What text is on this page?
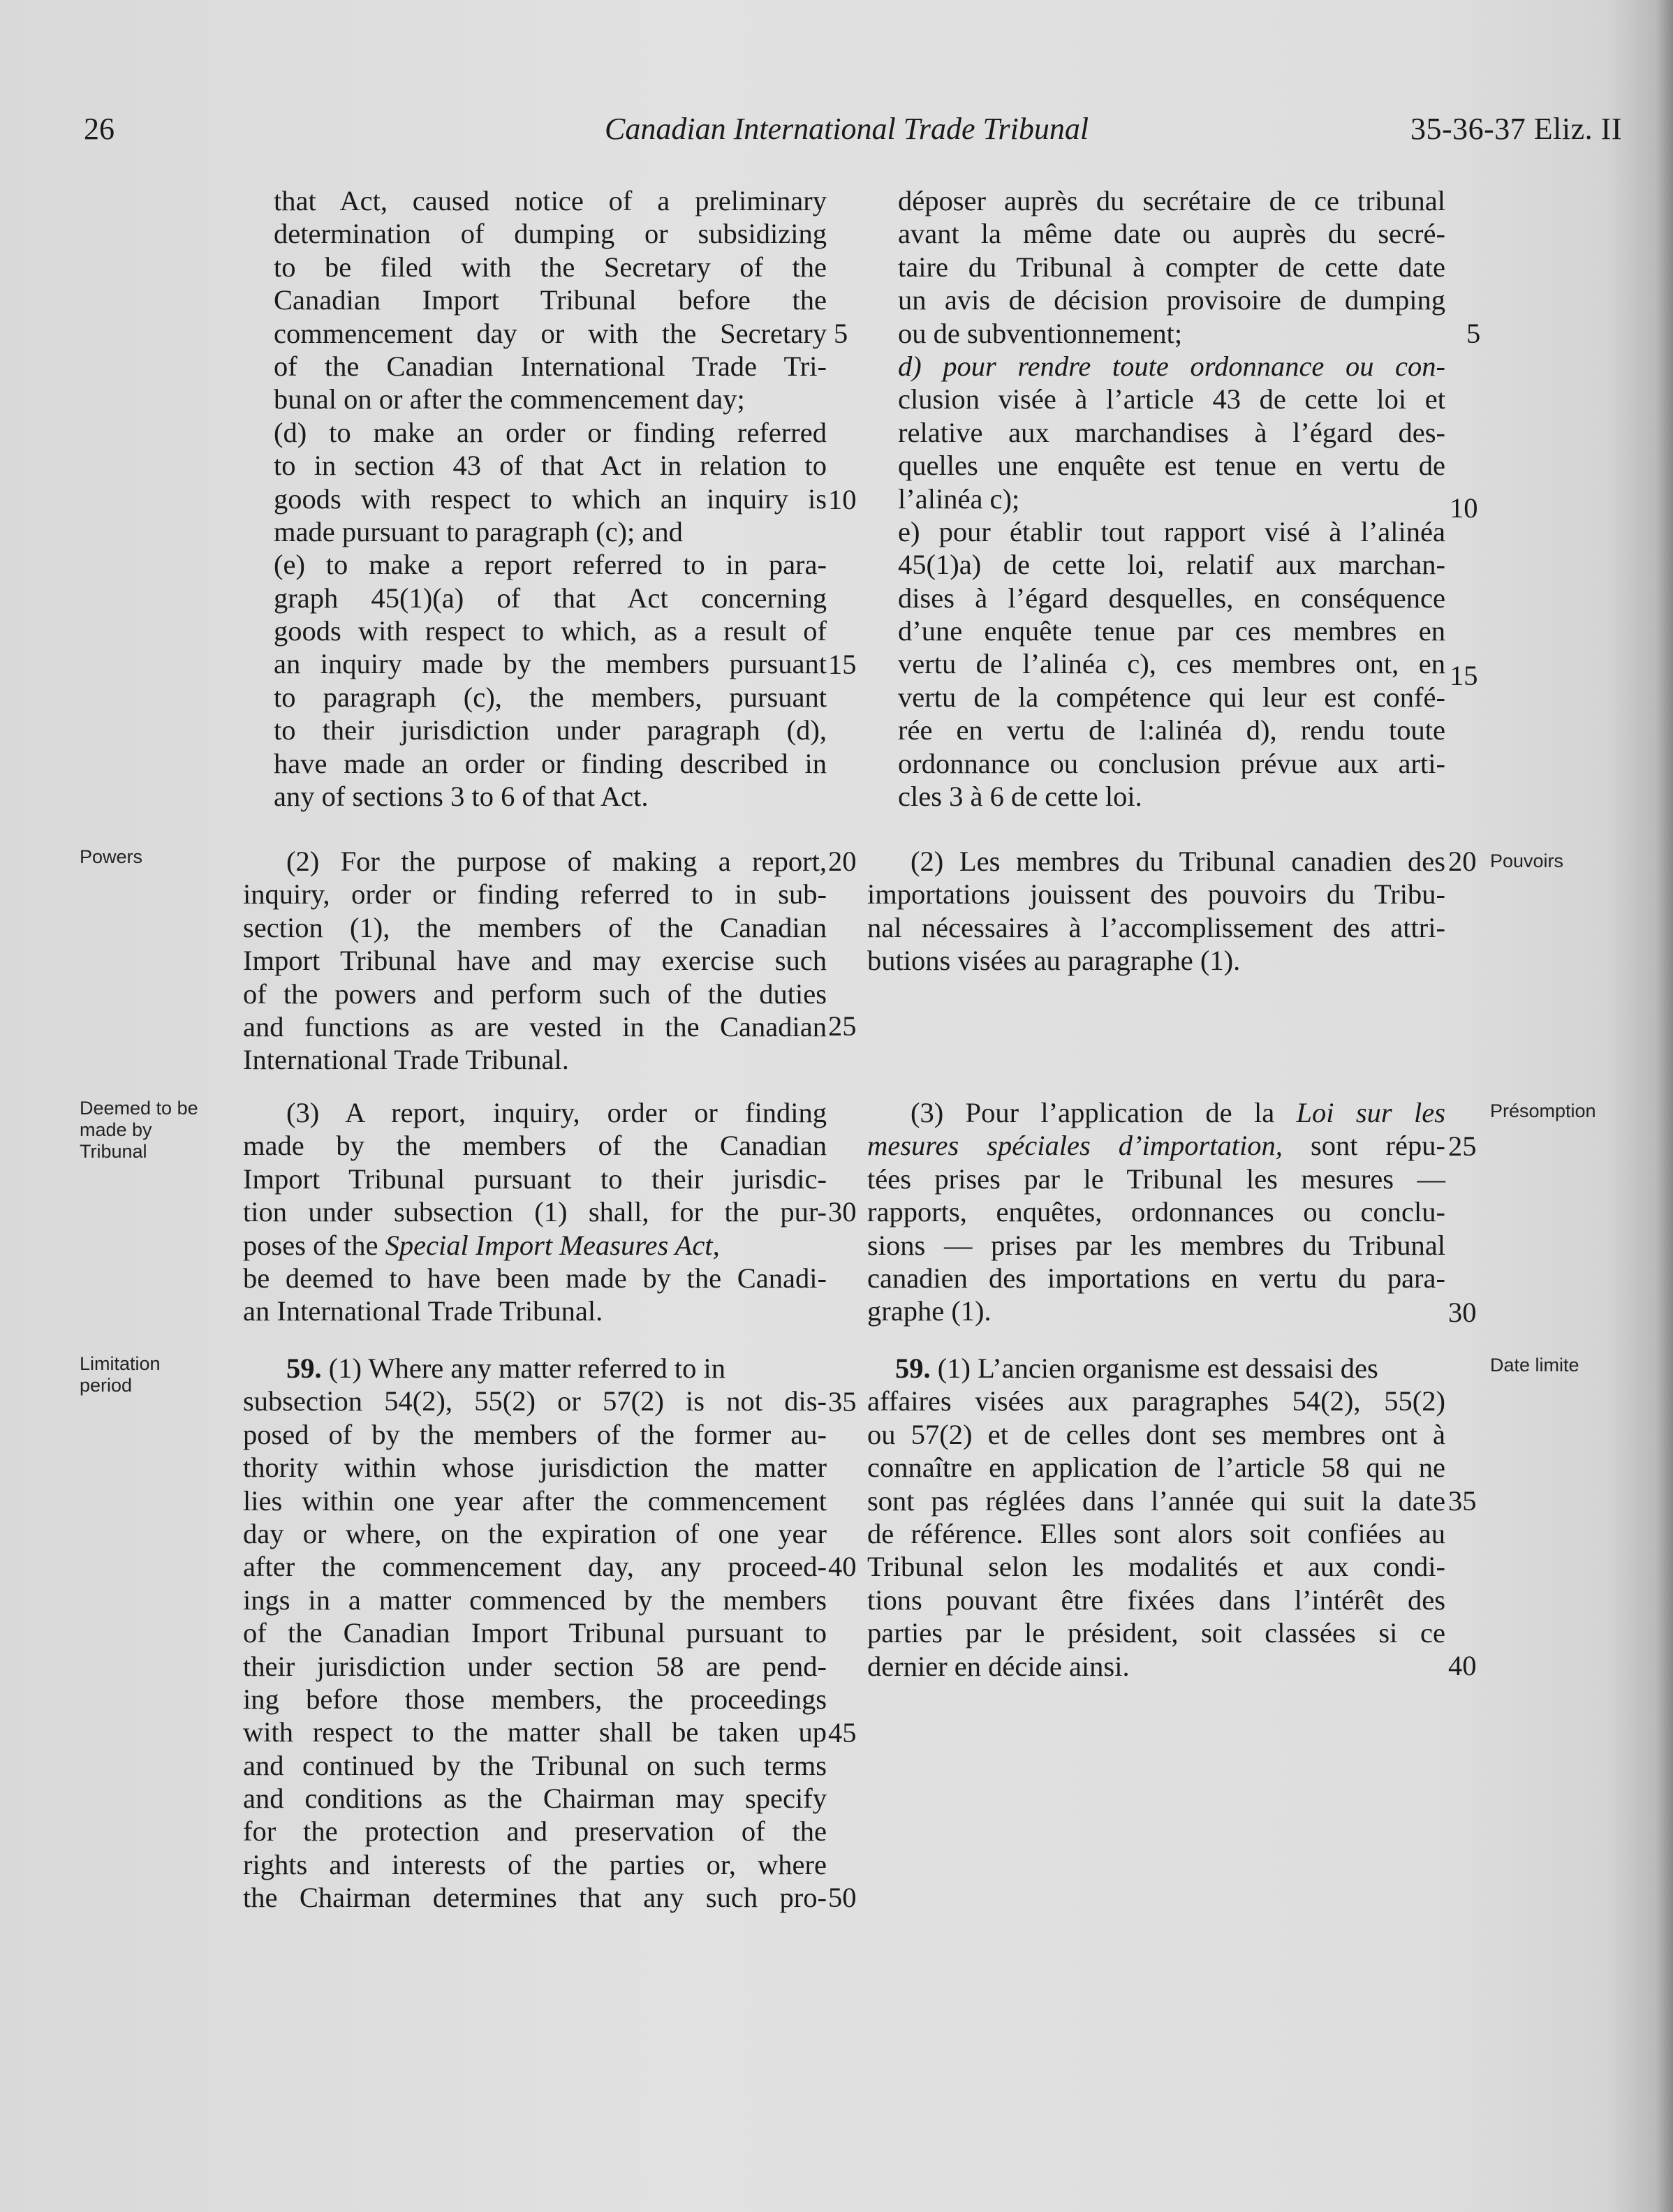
26	Canadian International Trade Tribunal	35-36-37 Eliz. II
Powers
Deemed to be
made by
Tribunal
Limitation
period
Pouvoirs
Présomption
Date limite
that Act, caused notice of a preliminary
determination of dumping or subsidizing
to be filed with the Secretary of the
Canadian Import Tribunal before the
commencement day or with the Secretary
of the Canadian International Trade Tri-
bunal on or after the commencement day;
(d) to make an order or finding referred
to in section 43 of that Act in relation to
goods with respect to which an inquiry is
made pursuant to paragraph (c); and
(e) to make a report referred to in para-
graph 45(1)(a) of that Act concerning
goods with respect to which, as a result of
an inquiry made by the members pursuant
to paragraph (c), the members, pursuant
to their jurisdiction under paragraph (d),
have made an order or finding described in
any of sections 3 to 6 of that Act.
(2) For the purpose of making a report,
inquiry, order or finding referred to in sub-
section (1), the members of the Canadian
Import Tribunal have and may exercise such
of the powers and perform such of the duties
and functions as are vested in the Canadian
International Trade Tribunal.
(3) A report, inquiry, order or finding
made by the members of the Canadian
Import Tribunal pursuant to their jurisdic-
tion under subsection (1) shall, for the pur-
poses of the Special Import Measures Act,
be deemed to have been made by the Canadi-
an International Trade Tribunal.
59. (1) Where any matter referred to in
subsection 54(2), 55(2) or 57(2) is not dis-
posed of by the members of the former au-
thority within whose jurisdiction the matter
lies within one year after the commencement
day or where, on the expiration of one year
after the commencement day, any proceed-
ings in a matter commenced by the members
of the Canadian Import Tribunal pursuant to
their jurisdiction under section 58 are pend-
ing before those members, the proceedings
with respect to the matter shall be taken up
and continued by the Tribunal on such terms
and conditions as the Chairman may specify
for the protection and preservation of the
rights and interests of the parties or, where
the Chairman determines that any such pro-
5
10
15
20
25
30
35
40
45
50
déposer auprès du secrétaire de ce tribunal
avant la même date ou auprès du secré-
taire du Tribunal à compter de cette date
un avis de décision provisoire de dumping
ou de subventionnement;
d) pour rendre toute ordonnance ou con-
clusion visée à l’article 43 de cette loi et
relative aux marchandises à l’égard des-
quelles une enquête est tenue en vertu de
l’alinéa c);
e) pour établir tout rapport visé à l’alinéa
45(1)a) de cette loi, relatif aux marchan-
dises à l’égard desquelles, en conséquence
d’une enquête tenue par ces membres en
vertu de l’alinéa c), ces membres ont, en
vertu de la compétence qui leur est confé-
rée en vertu de l:alinéa d), rendu toute
ordonnance ou conclusion prévue aux arti-
cles 3 à 6 de cette loi.
(2) Les membres du Tribunal canadien des
importations jouissent des pouvoirs du Tribu-
nal nécessaires à l’accomplissement des attri-
butions visées au paragraphe (1).
(3) Pour l’application de la Loi sur les
mesures spéciales d’importation, sont répu-
tées prises par le Tribunal les mesures —
rapports, enquêtes, ordonnances ou conclu-
sions — prises par les membres du Tribunal
canadien des importations en vertu du para-
graphe (1).
59. (1) L’ancien organisme est dessaisi des
affaires visées aux paragraphes 54(2), 55(2)
ou 57(2) et de celles dont ses membres ont à
connaître en application de l’article 58 qui ne
sont pas réglées dans l’année qui suit la date
de référence. Elles sont alors soit confiées au
Tribunal selon les modalités et aux condi-
tions pouvant être fixées dans l’intérêt des
parties par le président, soit classées si ce
dernier en décide ainsi.
5
10
15
20
25
30
35
40
